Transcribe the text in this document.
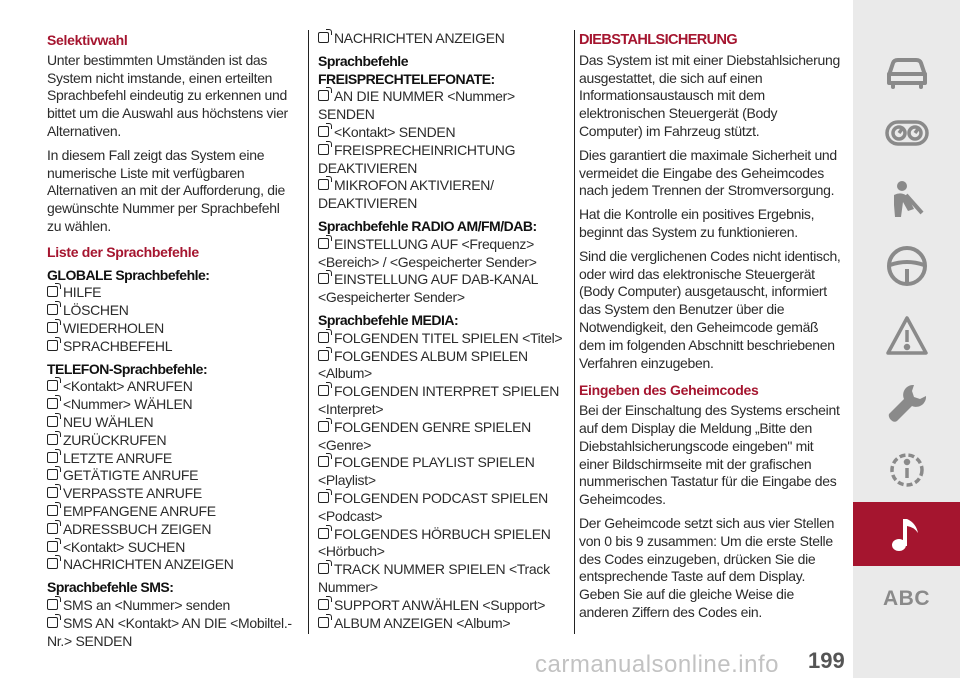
Selektivwahl

Unter bestimmten Umständen ist das System nicht imstande, einen erteilten Sprachbefehl eindeutig zu erkennen und bittet um die Auswahl aus höchstens vier Alternativen.

In diesem Fall zeigt das System eine numerische Liste mit verfügbaren Alternativen an mit der Aufforderung, die gewünschte Nummer per Sprachbefehl zu wählen.

Liste der Sprachbefehle
GLOBALE Sprachbefehle:
HILFE
LÖSCHEN
WIEDERHOLEN
SPRACHBEFEHL
TELEFON-Sprachbefehle:
<Kontakt> ANRUFEN
<Nummer> WÄHLEN
NEU WÄHLEN
ZURÜCKRUFEN
LETZTE ANRUFE
GETÄTIGTE ANRUFE
VERPASSTE ANRUFE
EMPFANGENE ANRUFE
ADRESSBUCH ZEIGEN
<Kontakt> SUCHEN
NACHRICHTEN ANZEIGEN
Sprachbefehle SMS:
SMS an <Nummer> senden
SMS AN <Kontakt> AN DIE <Mobiltel.-Nr.> SENDEN
NACHRICHTEN ANZEIGEN
Sprachbefehle FREISPRECHTELEFONATE:
AN DIE NUMMER <Nummer> SENDEN
<Kontakt> SENDEN
FREISPRECHEINRICHTUNG DEAKTIVIEREN
MIKROFON AKTIVIEREN/ DEAKTIVIEREN
Sprachbefehle RADIO AM/FM/DAB:
EINSTELLUNG AUF <Frequenz><Bereich> / <Gespeicherter Sender>
EINSTELLUNG AUF DAB-KANAL <Gespeicherter Sender>
Sprachbefehle MEDIA:
FOLGENDEN TITEL SPIELEN <Titel>
FOLGENDES ALBUM SPIELEN <Album>
FOLGENDEN INTERPRET SPIELEN <Interpret>
FOLGENDEN GENRE SPIELEN <Genre>
FOLGENDE PLAYLIST SPIELEN <Playlist>
FOLGENDEN PODCAST SPIELEN <Podcast>
FOLGENDES HÖRBUCH SPIELEN <Hörbuch>
TRACK NUMMER SPIELEN <Track Nummer>
SUPPORT ANWÄHLEN <Support>
ALBUM ANZEIGEN <Album>
DIEBSTAHLSICHERUNG

Das System ist mit einer Diebstahlsicherung ausgestattet, die sich auf einen Informationsaustausch mit dem elektronischen Steuergerät (Body Computer) im Fahrzeug stützt.

Dies garantiert die maximale Sicherheit und vermeidet die Eingabe des Geheimcodes nach jedem Trennen der Stromversorgung.

Hat die Kontrolle ein positives Ergebnis, beginnt das System zu funktionieren.

Sind die verglichenen Codes nicht identisch, oder wird das elektronische Steuergerät (Body Computer) ausgetauscht, informiert das System den Benutzer über die Notwendigkeit, den Geheimcode gemäß dem im folgenden Abschnitt beschriebenen Verfahren einzugeben.

Eingeben des Geheimcodes

Bei der Einschaltung des Systems erscheint auf dem Display die Meldung „Bitte den Diebstahlsicherungscode eingeben" mit einer Bildschirmseite mit der grafischen nummerischen Tastatur für die Eingabe des Geheimcodes.

Der Geheimcode setzt sich aus vier Stellen von 0 bis 9 zusammen: Um die erste Stelle des Codes einzugeben, drücken Sie die entsprechende Taste auf dem Display. Geben Sie auf die gleiche Weise die anderen Ziffern des Codes ein.

ABC
carmanualsonline.info 199
